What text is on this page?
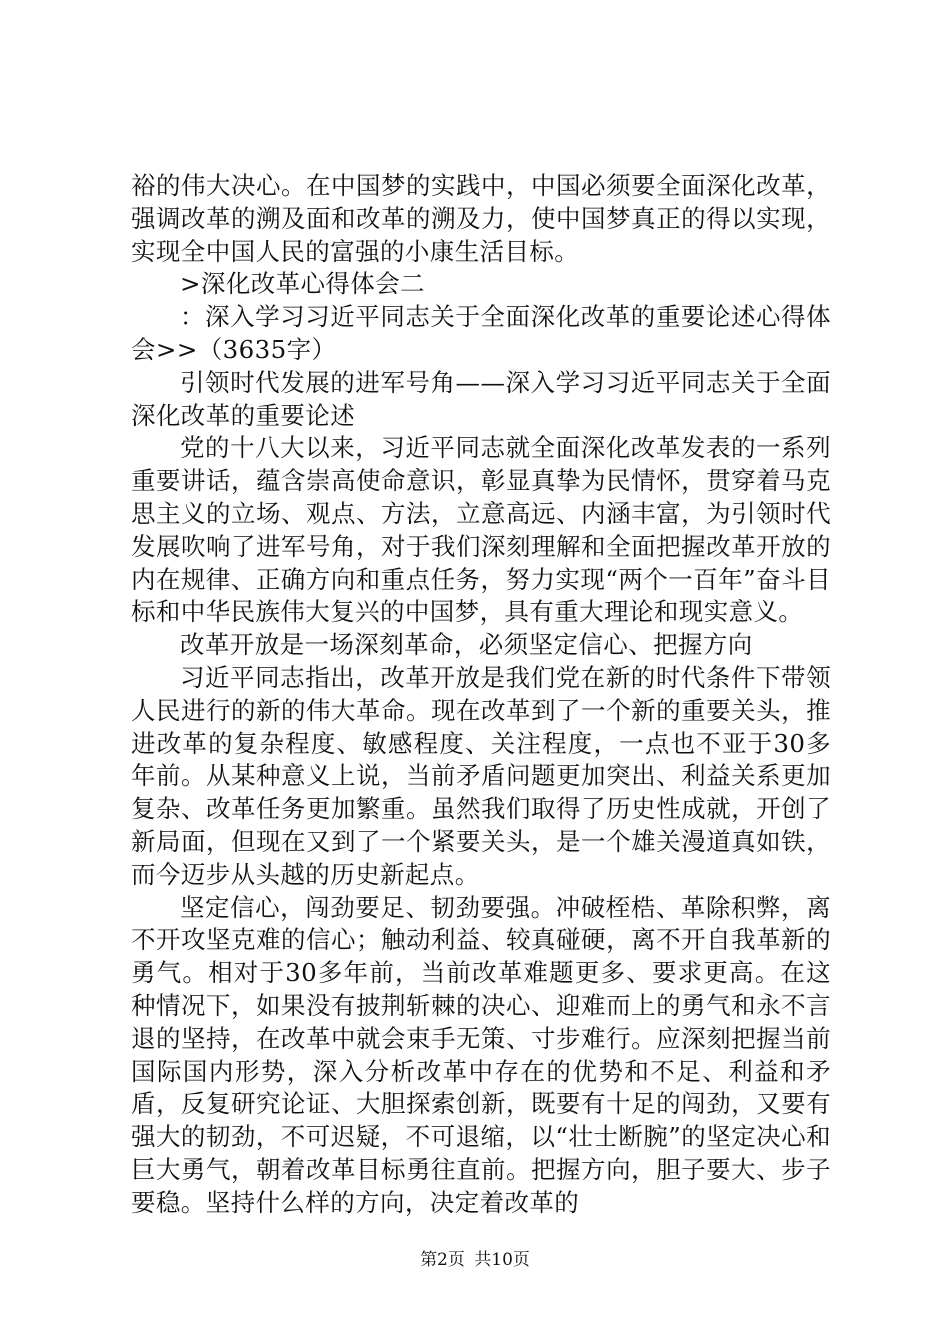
裕的伟大决心。在中国梦的实践中，中国必须要全面深化改革，强调改革的溯及面和改革的溯及力，使中国梦真正的得以实现，实现全中国人民的富强的小康生活目标。

>深化改革心得体会二

：深入学习习近平同志关于全面深化改革的重要论述心得体会>>（3635字）

引领时代发展的进军号角——深入学习习近平同志关于全面深化改革的重要论述

党的十八大以来，习近平同志就全面深化改革发表的一系列重要讲话，蕴含崇高使命意识，彰显真挚为民情怀，贯穿着马克思主义的立场、观点、方法，立意高远、内涵丰富，为引领时代发展吹响了进军号角，对于我们深刻理解和全面把握改革开放的内在规律、正确方向和重点任务，努力实现“两个一百年”奋斗目标和中华民族伟大复兴的中国梦，具有重大理论和现实意义。

改革开放是一场深刻革命，必须坚定信心、把握方向

习近平同志指出，改革开放是我们党在新的时代条件下带领人民进行的新的伟大革命。现在改革到了一个新的重要关头，推进改革的复杂程度、敏感程度、关注程度，一点也不亚于30多年前。从某种意义上说，当前矛盾问题更加突出、利益关系更加复杂、改革任务更加繁重。虽然我们取得了历史性成就，开创了新局面，但现在又到了一个紧要关头，是一个雄关漫道真如铁，而今迈步从头越的历史新起点。

坚定信心，闯劲要足、韧劲要强。冲破桎梏、革除积弊，离不开攻坚克难的信心；触动利益、较真碰硬，离不开自我革新的勇气。相对于30多年前，当前改革难题更多、要求更高。在这种情况下，如果没有披荆斩棘的决心、迎难而上的勇气和永不言退的坚持，在改革中就会束手无策、寸步难行。应深刻把握当前国际国内形势，深入分析改革中存在的优势和不足、利益和矛盾，反复研究论证、大胆探索创新，既要有十足的闯劲，又要有强大的韧劲，不可迟疑，不可退缩，以“壮士断腕”的坚定决心和巨大勇气，朝着改革目标勇往直前。把握方向，胆子要大、步子要稳。坚持什么样的方向，决定着改革的

第2页 共10页
